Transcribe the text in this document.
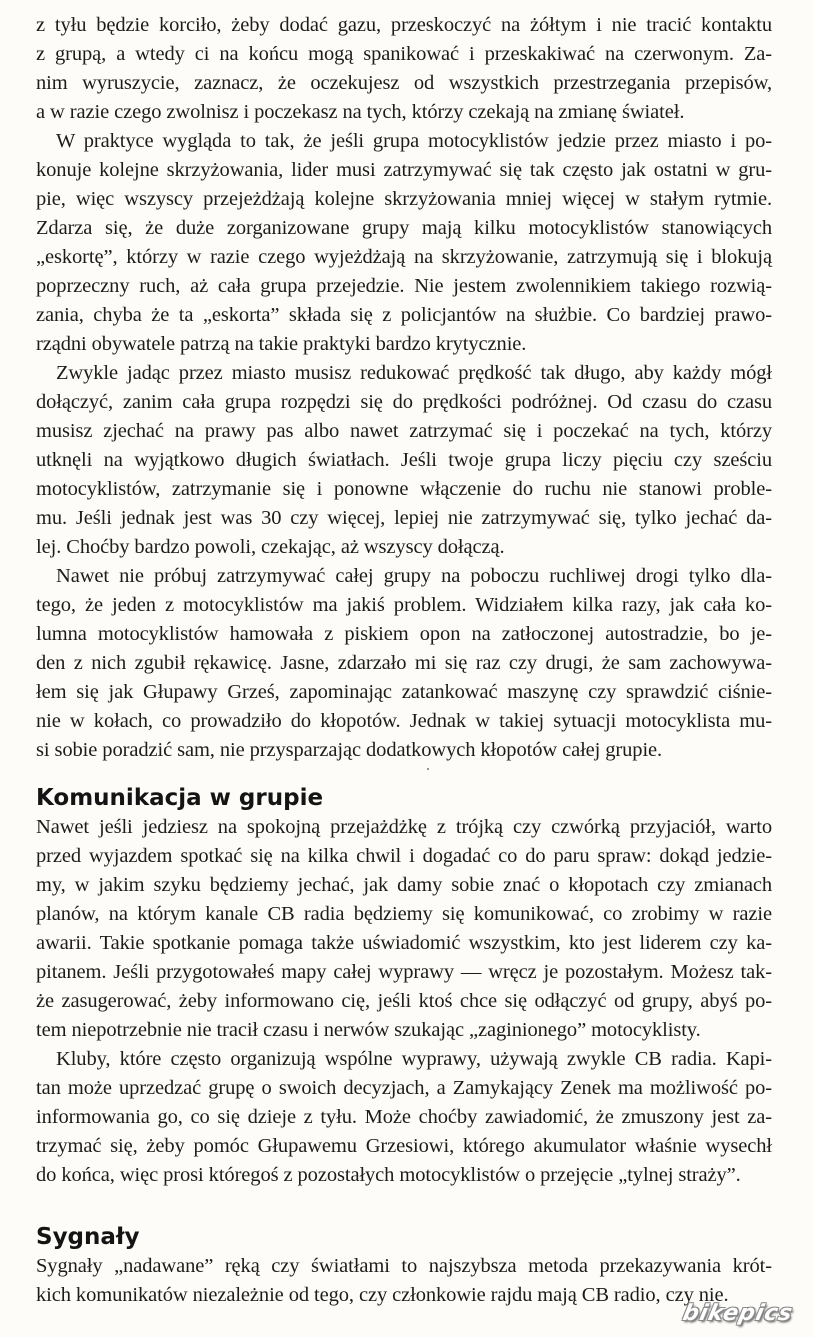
z tyłu będzie korciło, żeby dodać gazu, przeskoczyć na żółtym i nie tracić kontaktu
z grupą, a wtedy ci na końcu mogą spanikować i przeskakiwać na czerwonym. Za-
nim wyruszycie, zaznacz, że oczekujesz od wszystkich przestrzegania przepisów,
a w razie czego zwolnisz i poczekasz na tych, którzy czekają na zmianę świateł.
W praktyce wygląda to tak, że jeśli grupa motocyklistów jedzie przez miasto i po-
konuje kolejne skrzyżowania, lider musi zatrzymywać się tak często jak ostatni w gru-
pie, więc wszyscy przejeżdżają kolejne skrzyżowania mniej więcej w stałym rytmie.
Zdarza się, że duże zorganizowane grupy mają kilku motocyklistów stanowiących
„eskortę”, którzy w razie czego wyjeżdżają na skrzyżowanie, zatrzymują się i blokują
poprzeczny ruch, aż cała grupa przejedzie. Nie jestem zwolennikiem takiego rozwią-
zania, chyba że ta „eskorta” składa się z policjantów na służbie. Co bardziej prawo-
rządni obywatele patrzą na takie praktyki bardzo krytycznie.
Zwykle jadąc przez miasto musisz redukować prędkość tak długo, aby każdy mógł
dołączyć, zanim cała grupa rozpędzi się do prędkości podróżnej. Od czasu do czasu
musisz zjechać na prawy pas albo nawet zatrzymać się i poczekać na tych, którzy
utknęli na wyjątkowo długich światłach. Jeśli twoje grupa liczy pięciu czy sześciu
motocyklistów, zatrzymanie się i ponowne włączenie do ruchu nie stanowi proble-
mu. Jeśli jednak jest was 30 czy więcej, lepiej nie zatrzymywać się, tylko jechać da-
lej. Choćby bardzo powoli, czekając, aż wszyscy dołączą.
Nawet nie próbuj zatrzymywać całej grupy na poboczu ruchliwej drogi tylko dla-
tego, że jeden z motocyklistów ma jakiś problem. Widziałem kilka razy, jak cała ko-
lumna motocyklistów hamowała z piskiem opon na zatłoczonej autostradzie, bo je-
den z nich zgubił rękawicę. Jasne, zdarzało mi się raz czy drugi, że sam zachowywa-
łem się jak Głupawy Grześ, zapominając zatankować maszynę czy sprawdzić ciśnie-
nie w kołach, co prowadziło do kłopotów. Jednak w takiej sytuacji motocyklista mu-
si sobie poradzić sam, nie przysparzając dodatkowych kłopotów całej grupie.
Komunikacja w grupie
Nawet jeśli jedziesz na spokojną przejażdżkę z trójką czy czwórką przyjaciół, warto
przed wyjazdem spotkać się na kilka chwil i dogadać co do paru spraw: dokąd jedzie-
my, w jakim szyku będziemy jechać, jak damy sobie znać o kłopotach czy zmianach
planów, na którym kanale CB radia będziemy się komunikować, co zrobimy w razie
awarii. Takie spotkanie pomaga także uświadomić wszystkim, kto jest liderem czy ka-
pitanem. Jeśli przygotowałeś mapy całej wyprawy — wręcz je pozostałym. Możesz tak-
że zasugerować, żeby informowano cię, jeśli ktoś chce się odłączyć od grupy, abyś po-
tem niepotrzebnie nie tracił czasu i nerwów szukając „zaginionego” motocyklisty.
Kluby, które często organizują wspólne wyprawy, używają zwykle CB radia. Kapi-
tan może uprzedzać grupę o swoich decyzjach, a Zamykający Zenek ma możliwość po-
informowania go, co się dzieje z tyłu. Może choćby zawiadomić, że zmuszony jest za-
trzymać się, żeby pomóc Głupawemu Grzesiowi, którego akumulator właśnie wysechł
do końca, więc prosi któregoś z pozostałych motocyklistów o przejęcie „tylnej straży”.
Sygnały
Sygnały „nadawane” ręką czy światłami to najszybsza metoda przekazywania krót-
kich komunikatów niezależnie od tego, czy członkowie rajdu mają CB radio, czy nie.
bikepics
